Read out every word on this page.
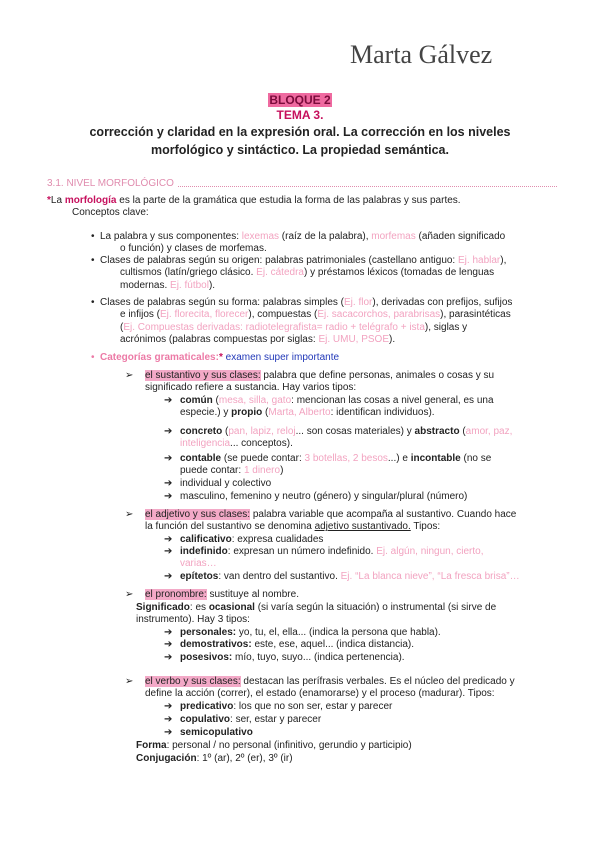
Marta Gálvez
BLOQUE 2
TEMA 3.
corrección y claridad en la expresión oral. La corrección en los niveles
morfológico y sintáctico. La propiedad semántica.
3.1. NIVEL MORFOLÓGICO
*La morfología es la parte de la gramática que estudia la forma de las palabras y sus partes.
Conceptos clave:
• La palabra y sus componentes: lexemas (raíz de la palabra), morfemas (añaden significado
o función) y clases de morfemas.
• Clases de palabras según su origen: palabras patrimoniales (castellano antiguo: Ej. hablar),
cultismos (latín/griego clásico. Ej. cátedra) y préstamos léxicos (tomadas de lenguas
modernas. Ej. fútbol).
• Clases de palabras según su forma: palabras simples (Ej. flor), derivadas con prefijos, sufijos
e infijos (Ej. florecita, florecer), compuestas (Ej. sacacorchos, parabrisas), parasintéticas
(Ej. Compuestas derivadas: radiotelegrafista= radio + telégrafo + ista), siglas y
acrónimos (palabras compuestas por siglas: Ej. UMU, PSOE).
• Categorías gramaticales:* examen super importante
➢ el sustantivo y sus clases: palabra que define personas, animales o cosas y su
significado refiere a sustancia. Hay varios tipos:
➔ común (mesa, silla, gato: mencionan las cosas a nivel general, es una
especie.) y propio (Marta, Alberto: identifican individuos).
➔ concreto (pan, lapiz, reloj... son cosas materiales) y abstracto (amor, paz,
inteligencia... conceptos).
➔ contable (se puede contar: 3 botellas, 2 besos...) e incontable (no se
puede contar: 1 dinero)
➔ individual y colectivo
➔ masculino, femenino y neutro (género) y singular/plural (número)
➢ el adjetivo y sus clases: palabra variable que acompaña al sustantivo. Cuando hace
la función del sustantivo se denomina adjetivo sustantivado. Tipos:
➔ calificativo: expresa cualidades
➔ indefinido: expresan un número indefinido. Ej. algún, ningun, cierto,
varias…
➔ epítetos: van dentro del sustantivo. Ej. “La blanca nieve”, “La fresca brisa”…
➢ el pronombre: sustituye al nombre.
Significado: es ocasional (si varía según la situación) o instrumental (si sirve de
instrumento). Hay 3 tipos:
➔ personales: yo, tu, el, ella... (indica la persona que habla).
➔ demostrativos: este, ese, aquel... (indica distancia).
➔ posesivos: mío, tuyo, suyo... (indica pertenencia).
➢ el verbo y sus clases: destacan las perífrasis verbales. Es el núcleo del predicado y
define la acción (correr), el estado (enamorarse) y el proceso (madurar). Tipos:
➔ predicativo: los que no son ser, estar y parecer
➔ copulativo: ser, estar y parecer
➔ semicopulativo
Forma: personal / no personal (infinitivo, gerundio y participio)
Conjugación: 1º (ar), 2º (er), 3º (ir)
